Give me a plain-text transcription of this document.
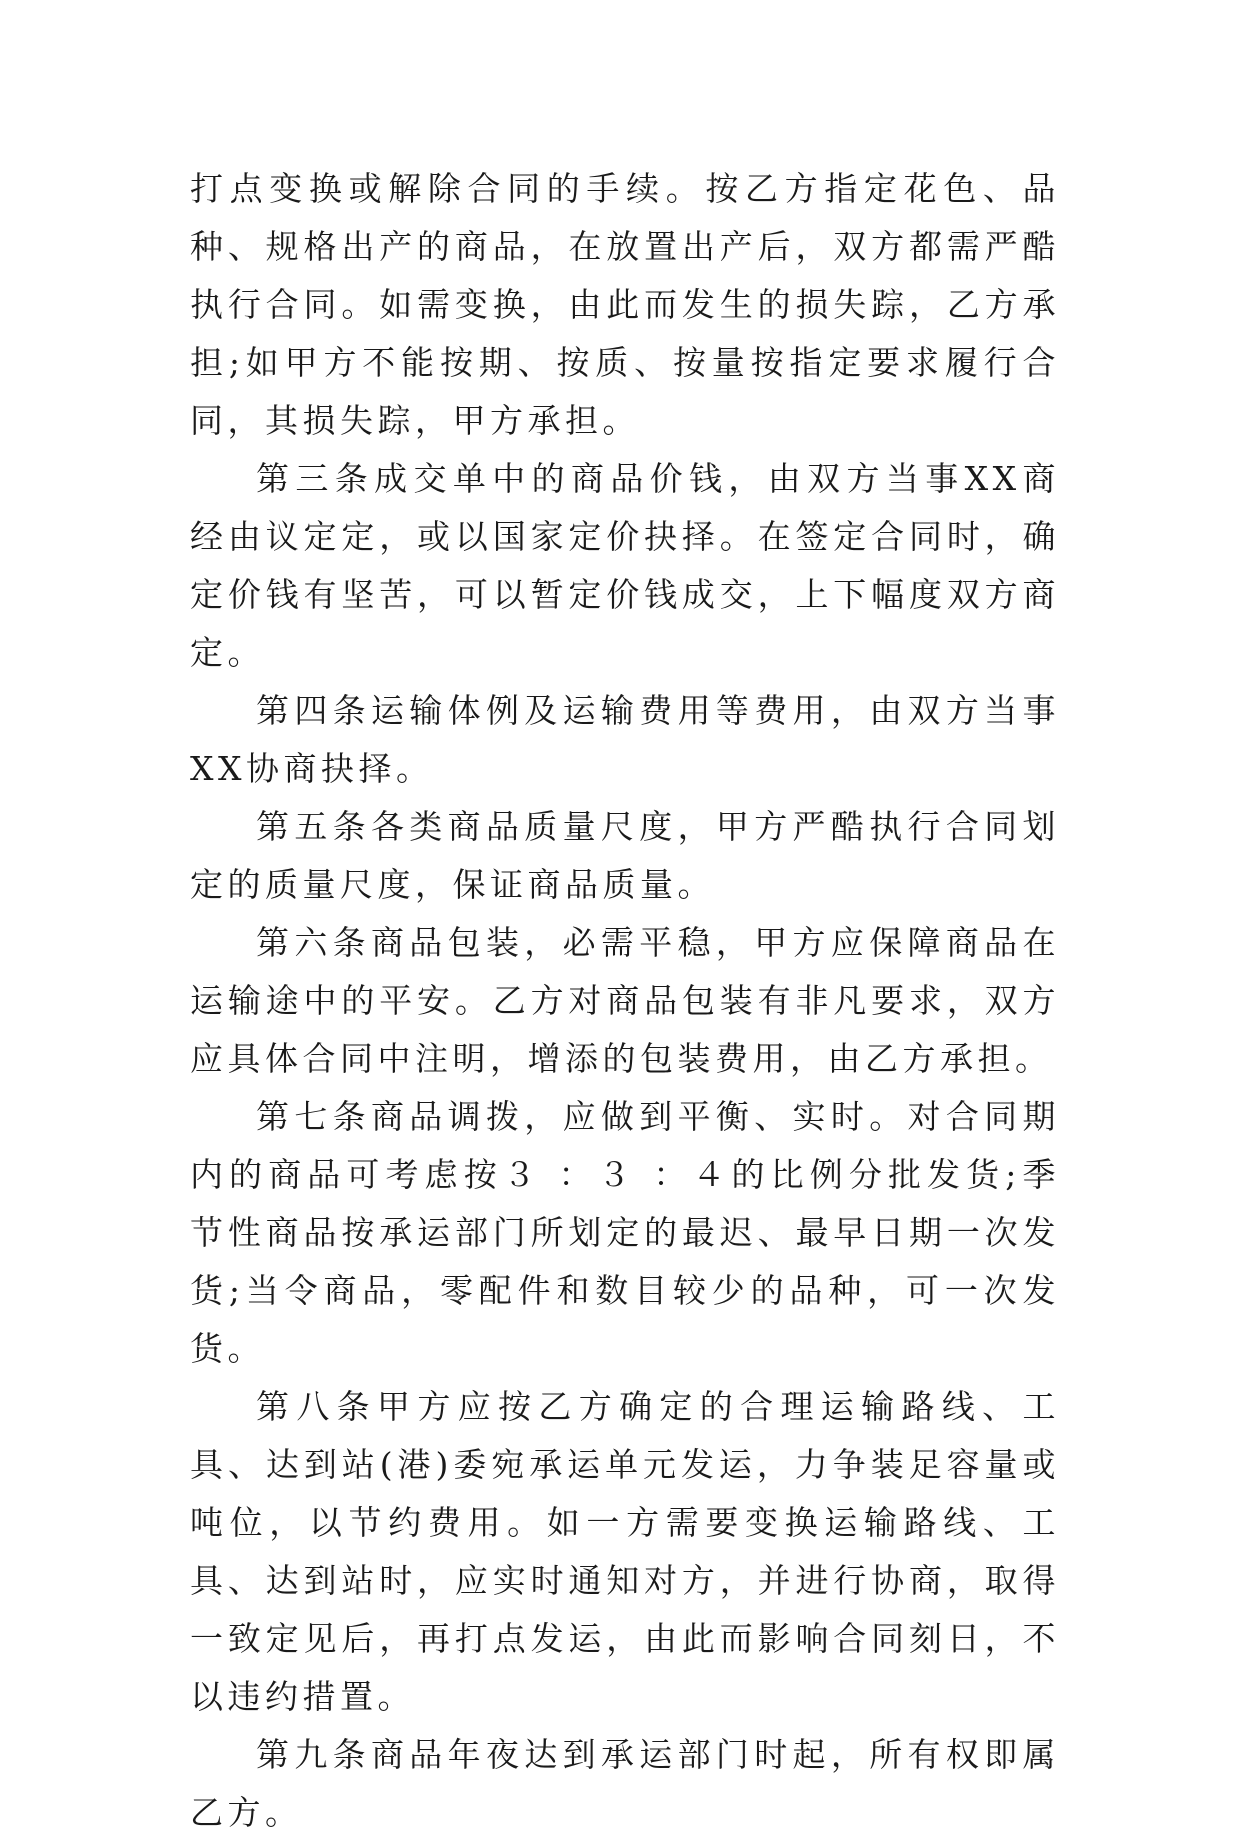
打点变换或解除合同的手续。按乙方指定花色、品种、规格出产的商品，在放置出产后，双方都需严酷执行合同。如需变换，由此而发生的损失踪，乙方承担;如甲方不能按期、按质、按量按指定要求履行合同，其损失踪，甲方承担。

第三条成交单中的商品价钱，由双方当事XX商经由议定定，或以国家定价抉择。在签定合同时，确定价钱有坚苦，可以暂定价钱成交，上下幅度双方商定。

第四条运输体例及运输费用等费用，由双方当事XX协商抉择。

第五条各类商品质量尺度，甲方严酷执行合同划定的质量尺度，保证商品质量。

第六条商品包装，必需平稳，甲方应保障商品在运输途中的平安。乙方对商品包装有非凡要求，双方应具体合同中注明，增添的包装费用，由乙方承担。

第七条商品调拨，应做到平衡、实时。对合同期内的商品可考虑按３ ：３ ：４的比例分批发货;季节性商品按承运部门所划定的最迟、最早日期一次发货;当令商品，零配件和数目较少的品种，可一次发货。

第八条甲方应按乙方确定的合理运输路线、工具、达到站(港)委宛承运单元发运，力争装足容量或吨位，以节约费用。如一方需要变换运输路线、工具、达到站时，应实时通知对方，并进行协商，取得一致定见后，再打点发运，由此而影响合同刻日，不以违约措置。

第九条商品年夜达到承运部门时起，所有权即属乙方。
